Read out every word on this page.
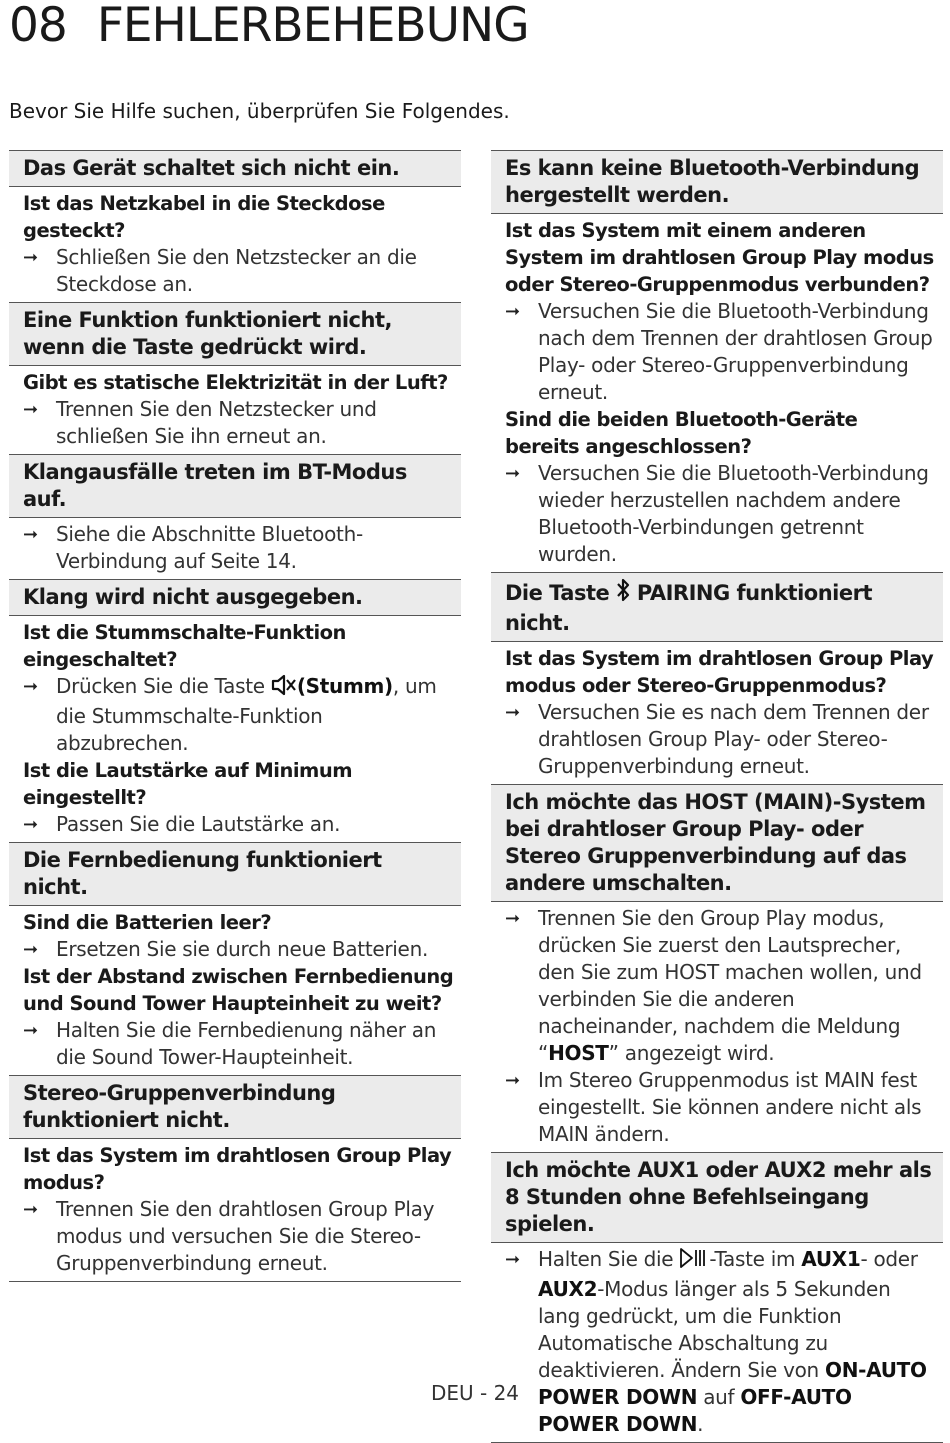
08 FEHLERBEHEBUNG

Bevor Sie Hilfe suchen, überprüfen Sie Folgendes.

Das Gerät schaltet sich nicht ein.
Ist das Netzkabel in die Steckdose gesteckt?
➞ Schließen Sie den Netzstecker an die Steckdose an.
Eine Funktion funktioniert nicht, wenn die Taste gedrückt wird.
Gibt es statische Elektrizität in der Luft?
➞ Trennen Sie den Netzstecker und schließen Sie ihn erneut an.
Klangausfälle treten im BT-Modus auf.
➞ Siehe die Abschnitte Bluetooth-Verbindung auf Seite 14.
Klang wird nicht ausgegeben.
Ist die Stummschalte-Funktion eingeschaltet?
➞ Drücken Sie die Taste (Stumm), um die Stummschalte-Funktion abzubrechen.
Ist die Lautstärke auf Minimum eingestellt?
➞ Passen Sie die Lautstärke an.
Die Fernbedienung funktioniert nicht.
Sind die Batterien leer?
➞ Ersetzen Sie sie durch neue Batterien.
Ist der Abstand zwischen Fernbedienung und Sound Tower Haupteinheit zu weit?
➞ Halten Sie die Fernbedienung näher an die Sound Tower-Haupteinheit.
Stereo-Gruppenverbindung funktioniert nicht.
Ist das System im drahtlosen Group Play modus?
➞ Trennen Sie den drahtlosen Group Play modus und versuchen Sie die Stereo-Gruppenverbindung erneut.
Es kann keine Bluetooth-Verbindung hergestellt werden.
Ist das System mit einem anderen System im drahtlosen Group Play modus oder Stereo-Gruppenmodus verbunden?
➞ Versuchen Sie die Bluetooth-Verbindung nach dem Trennen der drahtlosen Group Play- oder Stereo-Gruppenverbindung erneut.
Sind die beiden Bluetooth-Geräte bereits angeschlossen?
➞ Versuchen Sie die Bluetooth-Verbindung wieder herzustellen nachdem andere Bluetooth-Verbindungen getrennt wurden.
Die Taste  PAIRING funktioniert nicht.
Ist das System im drahtlosen Group Play modus oder Stereo-Gruppenmodus?
➞ Versuchen Sie es nach dem Trennen der drahtlosen Group Play- oder Stereo-Gruppenverbindung erneut.
Ich möchte das HOST (MAIN)-System bei drahtloser Group Play- oder Stereo Gruppenverbindung auf das andere umschalten.
➞ Trennen Sie den Group Play modus, drücken Sie zuerst den Lautsprecher, den Sie zum HOST machen wollen, und verbinden Sie die anderen nacheinander, nachdem die Meldung “HOST” angezeigt wird.
➞ Im Stereo Gruppenmodus ist MAIN fest eingestellt. Sie können andere nicht als MAIN ändern.
Ich möchte AUX1 oder AUX2 mehr als 8 Stunden ohne Befehlseingang spielen.
➞ Halten Sie die -Taste im AUX1- oder AUX2-Modus länger als 5 Sekunden lang gedrückt, um die Funktion Automatische Abschaltung zu deaktivieren. Ändern Sie von ON-AUTO POWER DOWN auf OFF-AUTO POWER DOWN.
DEU - 24
